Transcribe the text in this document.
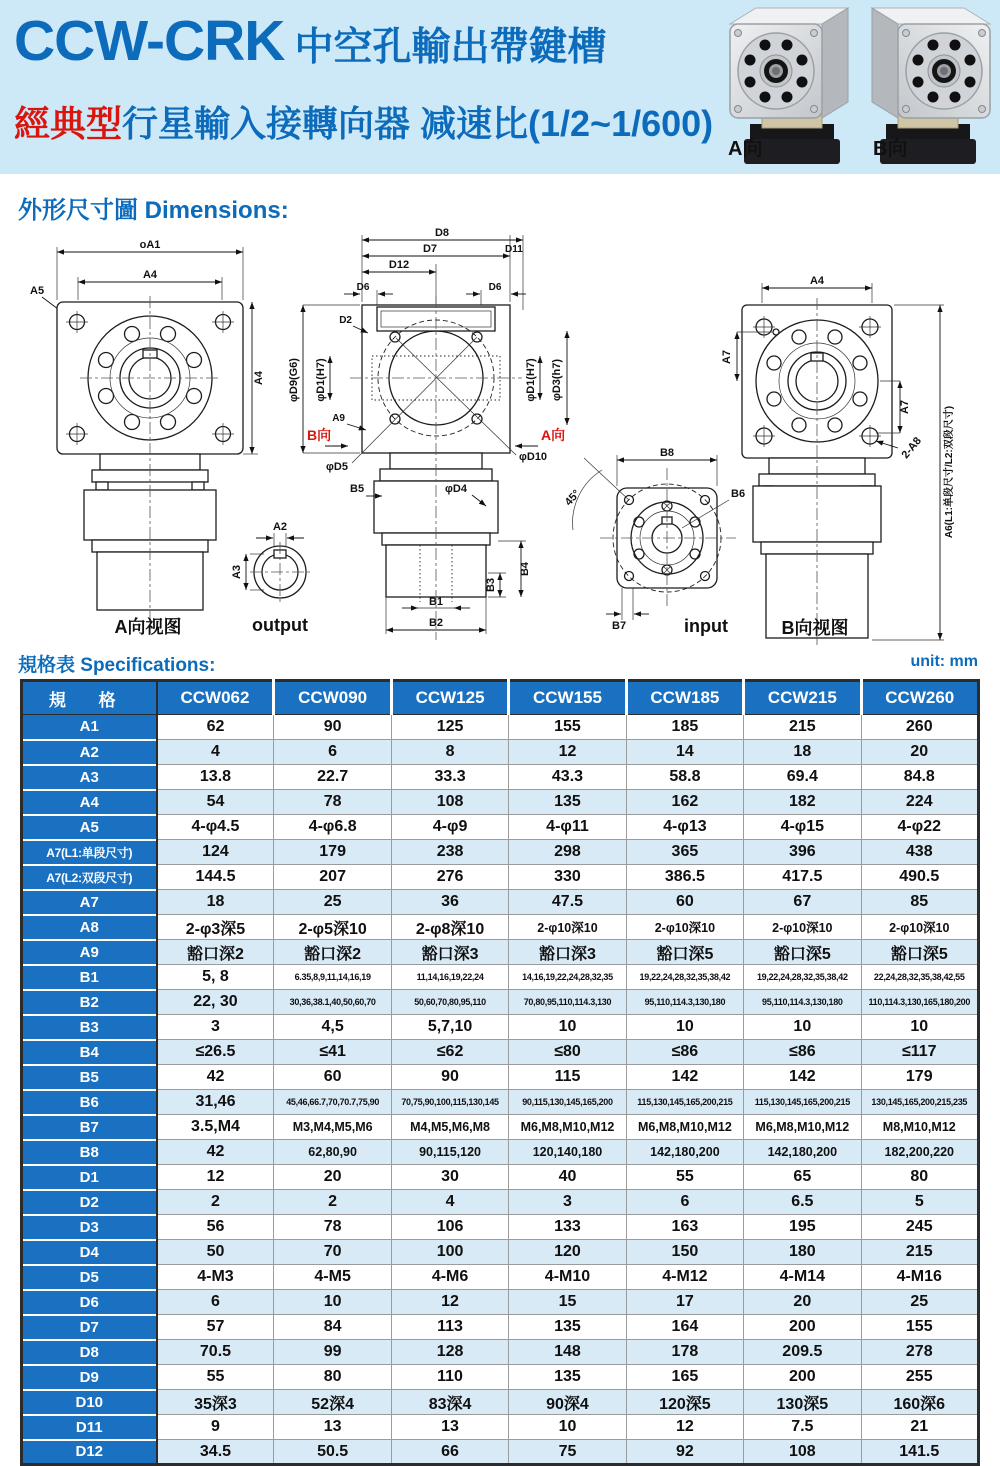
CCW-CRK 中空孔輸出帶鍵槽
經典型行星輸入接轉向器 减速比(1/2~1/600)
A向	B向
外形尺寸圖 Dimensions:
oA1
A4
A5
A4
A向视图
A2
A3
output
D8
D7
D12
D11
D6	D6
D2
φD9(G6) φD1(H7)
A9
B向	A向
φD1(H7) φD3(h7)
φD5
φD10
B5	φD4
B1
B2
B3
B4
B8
45°	B6
B7	input
A4
A7
A7
2-A8 A6(L1:单段尺寸/L2:双段尺寸)
B向视图
規格表 Specifications:	unit: mm
規 格	CCW062	CCW090	CCW125	CCW155	CCW185	CCW215	CCW260
A1	62	90	125	155	185	215	260
A2	4	6	8	12	14	18	20
A3	13.8	22.7	33.3	43.3	58.8	69.4	84.8
A4	54	78	108	135	162	182	224
A5	4-φ4.5	4-φ6.8	4-φ9	4-φ11	4-φ13	4-φ15	4-φ22
A7(L1:单段尺寸)	124	179	238	298	365	396	438
A7(L2:双段尺寸)	144.5	207	276	330	386.5	417.5	490.5
A7	18	25	36	47.5	60	67	85
A8	2-φ3深5	2-φ5深10	2-φ8深10	2-φ10深10	2-φ10深10	2-φ10深10	2-φ10深10
A9	豁口深2	豁口深2	豁口深3	豁口深3	豁口深5	豁口深5	豁口深5
B1	5, 8	6.35,8,9,11,14,16,19	11,14,16,19,22,24	14,16,19,22,24,28,32,35	19,22,24,28,32,35,38,42	19,22,24,28,32,35,38,42	22,24,28,32,35,38,42,55
B2	22, 30	30,36,38.1,40,50,60,70	50,60,70,80,95,110	70,80,95,110,114.3,130	95,110,114.3,130,180	95,110,114.3,130,180	110,114.3,130,165,180,200
B3	3	4,5	5,7,10	10	10	10	10
B4	≤26.5	≤41	≤62	≤80	≤86	≤86	≤117
B5	42	60	90	115	142	142	179
B6	31,46	45,46,66.7,70,70.7,75,90	70,75,90,100,115,130,145	90,115,130,145,165,200	115,130,145,165,200,215	115,130,145,165,200,215	130,145,165,200,215,235
B7	3.5,M4	M3,M4,M5,M6	M4,M5,M6,M8	M6,M8,M10,M12	M6,M8,M10,M12	M6,M8,M10,M12	M8,M10,M12
B8	42	62,80,90	90,115,120	120,140,180	142,180,200	142,180,200	182,200,220
D1	12	20	30	40	55	65	80
D2	2	2	4	3	6	6.5	5
D3	56	78	106	133	163	195	245
D4	50	70	100	120	150	180	215
D5	4-M3	4-M5	4-M6	4-M10	4-M12	4-M14	4-M16
D6	6	10	12	15	17	20	25
D7	57	84	113	135	164	200	155
D8	70.5	99	128	148	178	209.5	278
D9	55	80	110	135	165	200	255
D10	35深3	52深4	83深4	90深4	120深5	130深5	160深6
D11	9	13	13	10	12	7.5	21
D12	34.5	50.5	66	75	92	108	141.5
